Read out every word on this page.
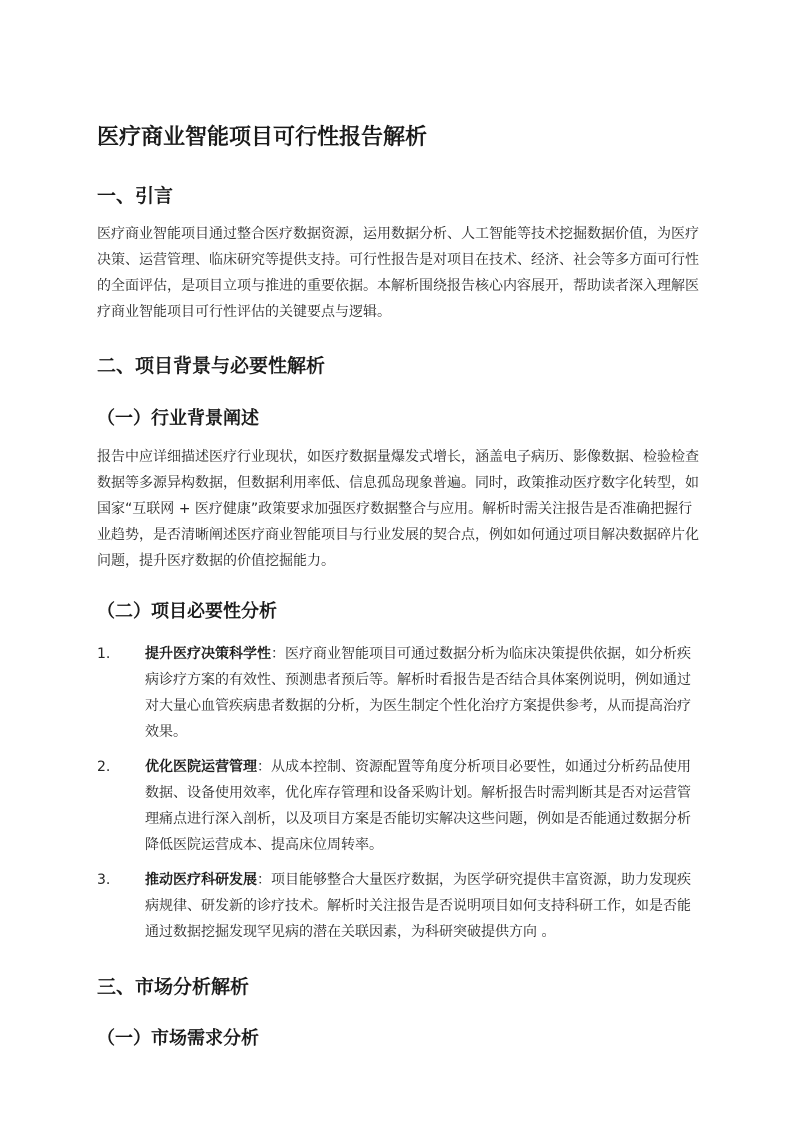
医疗商业智能项目可行性报告解析
一、引言

医疗商业智能项目通过整合医疗数据资源，运用数据分析、人工智能等技术挖掘数据价值，为医疗决策、运营管理、临床研究等提供支持。可行性报告是对项目在技术、经济、社会等多方面可行性的全面评估，是项目立项与推进的重要依据。本解析围绕报告核心内容展开，帮助读者深入理解医疗商业智能项目可行性评估的关键要点与逻辑。

二、项目背景与必要性解析
（一）行业背景阐述

报告中应详细描述医疗行业现状，如医疗数据量爆发式增长，涵盖电子病历、影像数据、检验检查数据等多源异构数据，但数据利用率低、信息孤岛现象普遍。同时，政策推动医疗数字化转型，如国家“互联网 + 医疗健康”政策要求加强医疗数据整合与应用。解析时需关注报告是否准确把握行业趋势，是否清晰阐述医疗商业智能项目与行业发展的契合点，例如如何通过项目解决数据碎片化问题，提升医疗数据的价值挖掘能力。

（二）项目必要性分析
1. 提升医疗决策科学性：医疗商业智能项目可通过数据分析为临床决策提供依据，如分析疾病诊疗方案的有效性、预测患者预后等。解析时看报告是否结合具体案例说明，例如通过对大量心血管疾病患者数据的分析，为医生制定个性化治疗方案提供参考，从而提高治疗效果。
2. 优化医院运营管理：从成本控制、资源配置等角度分析项目必要性，如通过分析药品使用数据、设备使用效率，优化库存管理和设备采购计划。解析报告时需判断其是否对运营管理痛点进行深入剖析，以及项目方案是否能切实解决这些问题，例如是否能通过数据分析降低医院运营成本、提高床位周转率。
3. 推动医疗科研发展：项目能够整合大量医疗数据，为医学研究提供丰富资源，助力发现疾病规律、研发新的诊疗技术。解析时关注报告是否说明项目如何支持科研工作，如是否能通过数据挖掘发现罕见病的潜在关联因素，为科研突破提供方向 。
三、市场分析解析
（一）市场需求分析
